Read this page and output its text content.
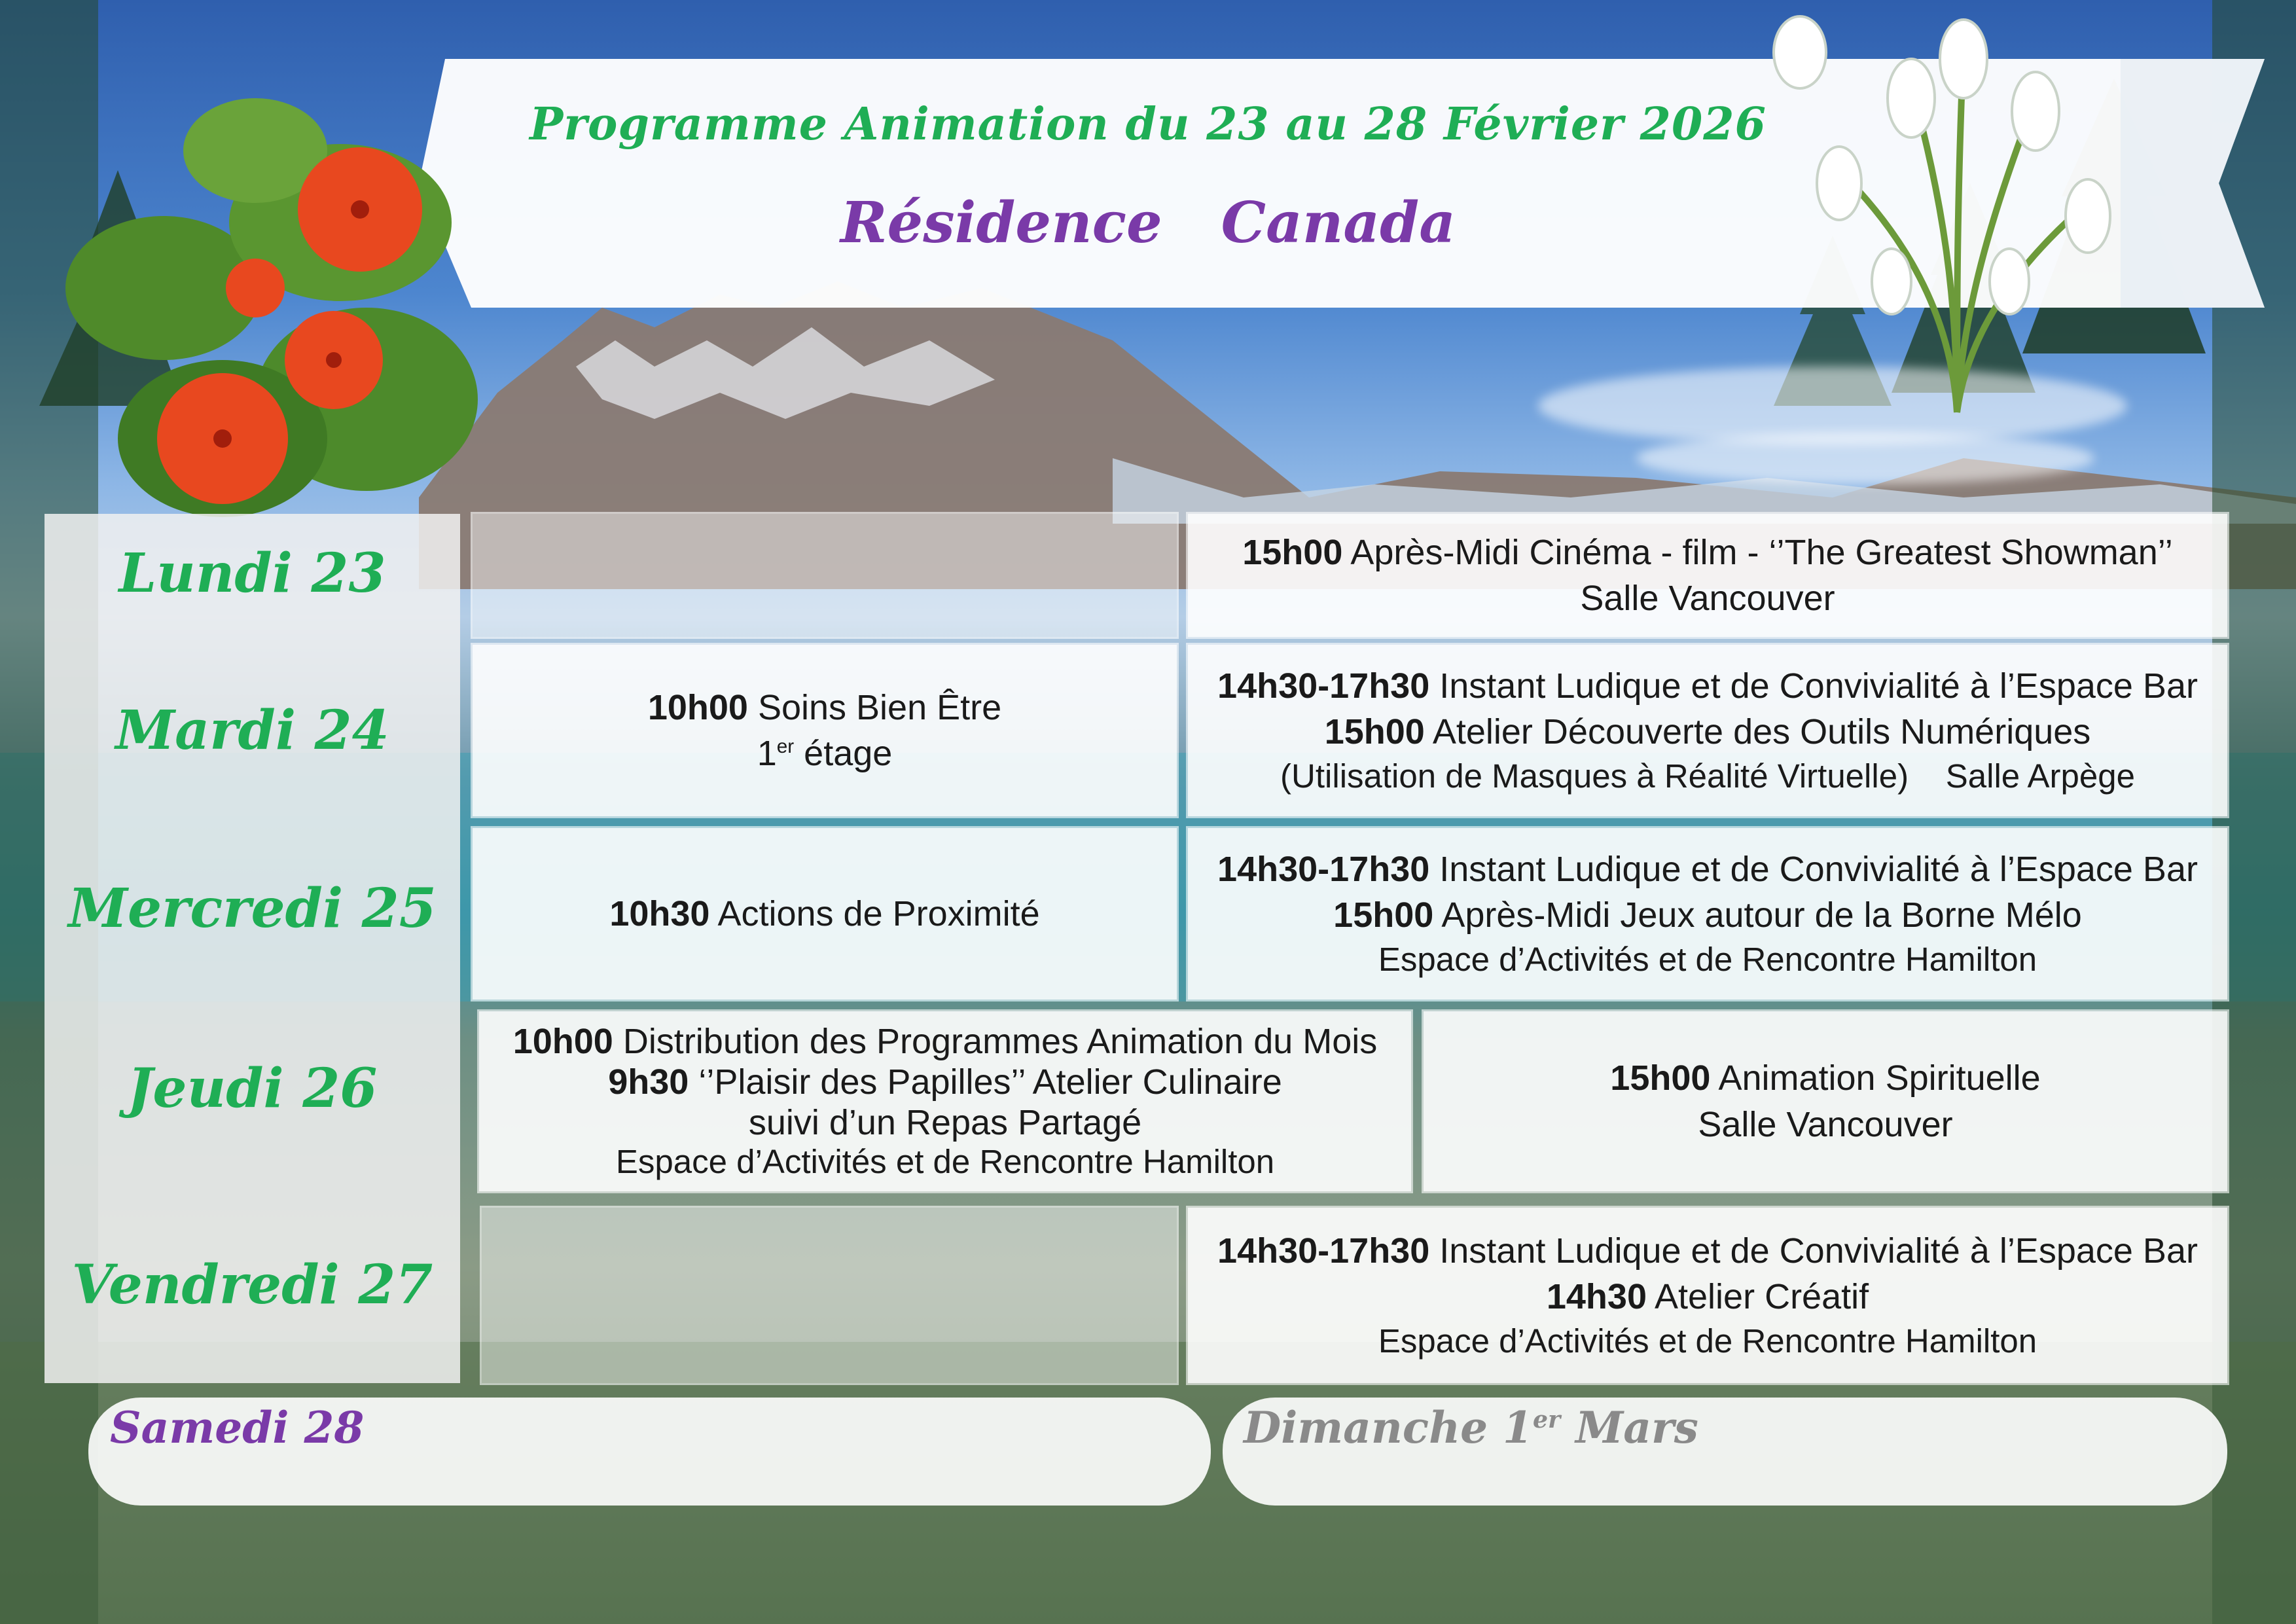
Programme Animation du 23 au 28 Février 2026
Résidence Canada
Lundi 23
Mardi 24
Mercredi 25
Jeudi 26
Vendredi 27
15h00 Après-Midi Cinéma - film - ‘’The Greatest Showman’’
Salle Vancouver
10h00 Soins Bien Être
1er étage
14h30-17h30 Instant Ludique et de Convivialité à l’Espace Bar
15h00 Atelier Découverte des Outils Numériques
(Utilisation de Masques à Réalité Virtuelle)    Salle Arpège
10h30 Actions de Proximité
14h30-17h30 Instant Ludique et de Convivialité à l’Espace Bar
15h00 Après-Midi Jeux autour de la Borne Mélo
Espace d’Activités et de Rencontre Hamilton
10h00 Distribution des Programmes Animation du Mois
9h30 ‘’Plaisir des Papilles’’ Atelier Culinaire
suivi d’un Repas Partagé
Espace d’Activités et de Rencontre Hamilton
15h00 Animation Spirituelle
Salle Vancouver
14h30-17h30 Instant Ludique et de Convivialité à l’Espace Bar
14h30 Atelier Créatif
Espace d’Activités et de Rencontre Hamilton
Samedi 28	Dimanche 1er Mars
